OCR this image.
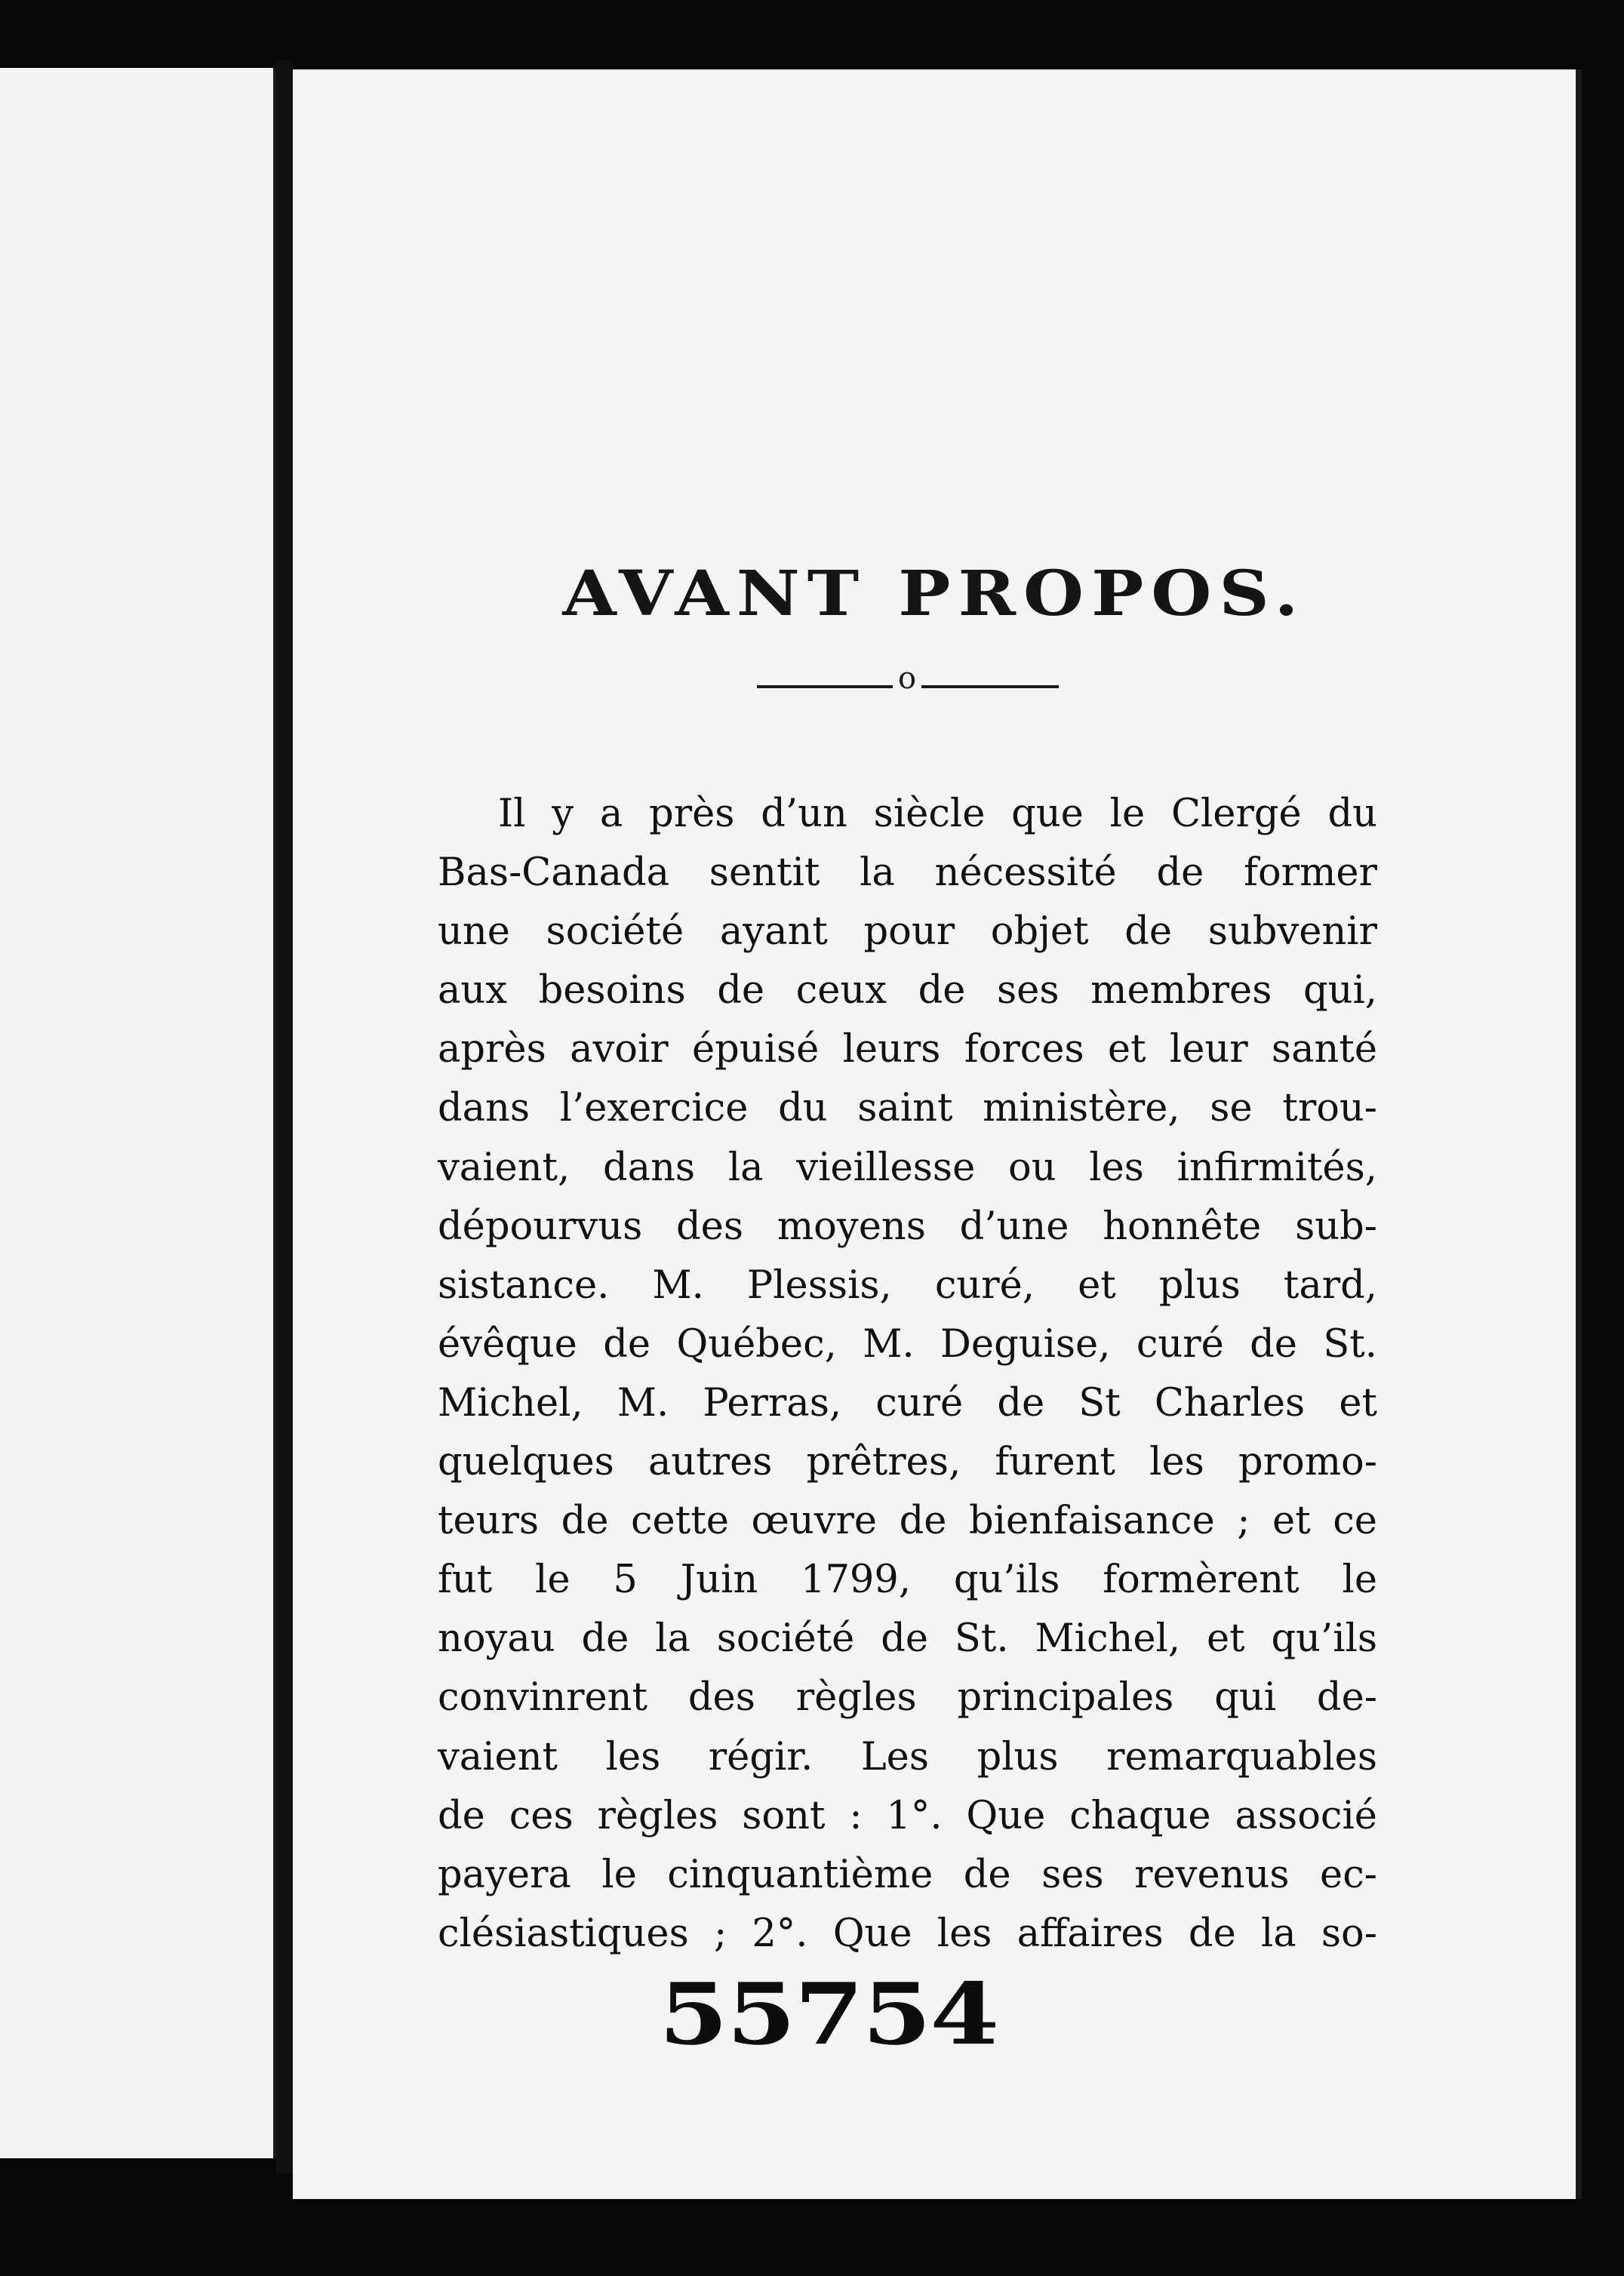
AVANT PROPOS.
o
Il y a près d’un siècle que le Clergé du
Bas-Canada sentit la nécessité de former
une société ayant pour objet de subvenir
aux besoins de ceux de ses membres qui,
après avoir épuisé leurs forces et leur santé
dans l’exercice du saint ministère, se trou-
vaient, dans la vieillesse ou les infirmités,
dépourvus des moyens d’une honnête sub-
sistance. M. Plessis, curé, et plus tard,
évêque de Québec, M. Deguise, curé de St.
Michel, M. Perras, curé de St Charles et
quelques autres prêtres, furent les promo-
teurs de cette œuvre de bienfaisance ; et ce
fut le 5 Juin 1799, qu’ils formèrent le
noyau de la société de St. Michel, et qu’ils
convinrent des règles principales qui de-
vaient les régir. Les plus remarquables
de ces règles sont : 1°. Que chaque associé
payera le cinquantième de ses revenus ec-
clésiastiques ; 2°. Que les affaires de la so-
55754
